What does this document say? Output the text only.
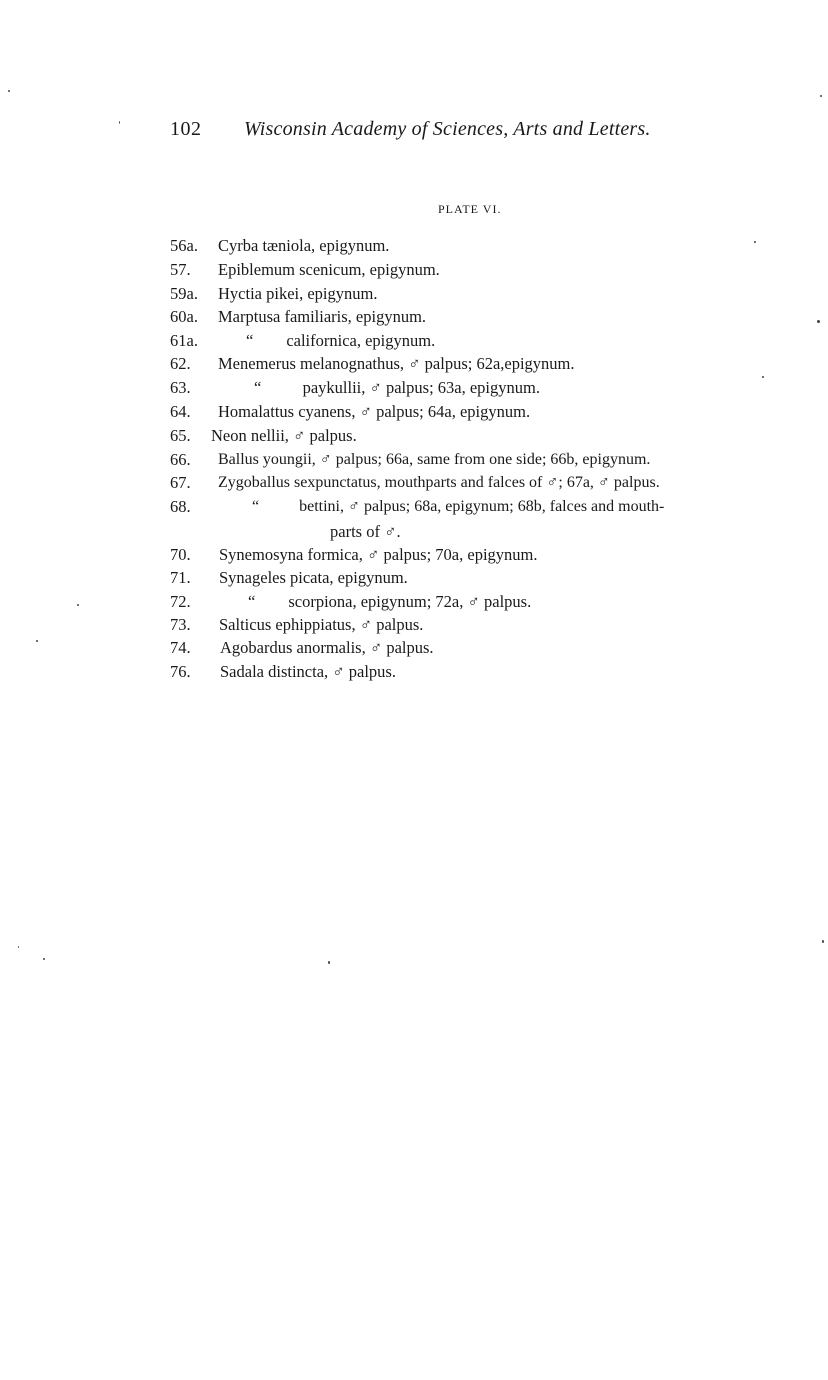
102 Wisconsin Academy of Sciences, Arts and Letters.
PLATE VI.
56a. Cyrba tæniola, epigynum.
57. Epiblemum scenicum, epigynum.
59a. Hyctia pikei, epigynum.
60a. Marptusa familiaris, epigynum.
61a.	“        californica, epigynum.
62. Menemerus melanognathus, ♂ palpus; 62a,epigynum.
63.	“          paykullii, ♂ palpus; 63a, epigynum.
64. Homalattus cyanens, ♂ palpus; 64a, epigynum.
65. Neon nellii, ♂ palpus.
66. Ballus youngii, ♂ palpus; 66a, same from one side; 66b, epigynum.
67. Zygoballus sexpunctatus, mouthparts and falces of ♂; 67a, ♂ palpus.
68.	“          bettini, ♂ palpus; 68a, epigynum; 68b, falces and mouth-
parts of ♂.
70. Synemosyna formica, ♂ palpus; 70a, epigynum.
71. Synageles picata, epigynum.
72.	“        scorpiona, epigynum; 72a, ♂ palpus.
73. Salticus ephippiatus, ♂ palpus.
74. Agobardus anormalis, ♂ palpus.
76. Sadala distincta, ♂ palpus.
